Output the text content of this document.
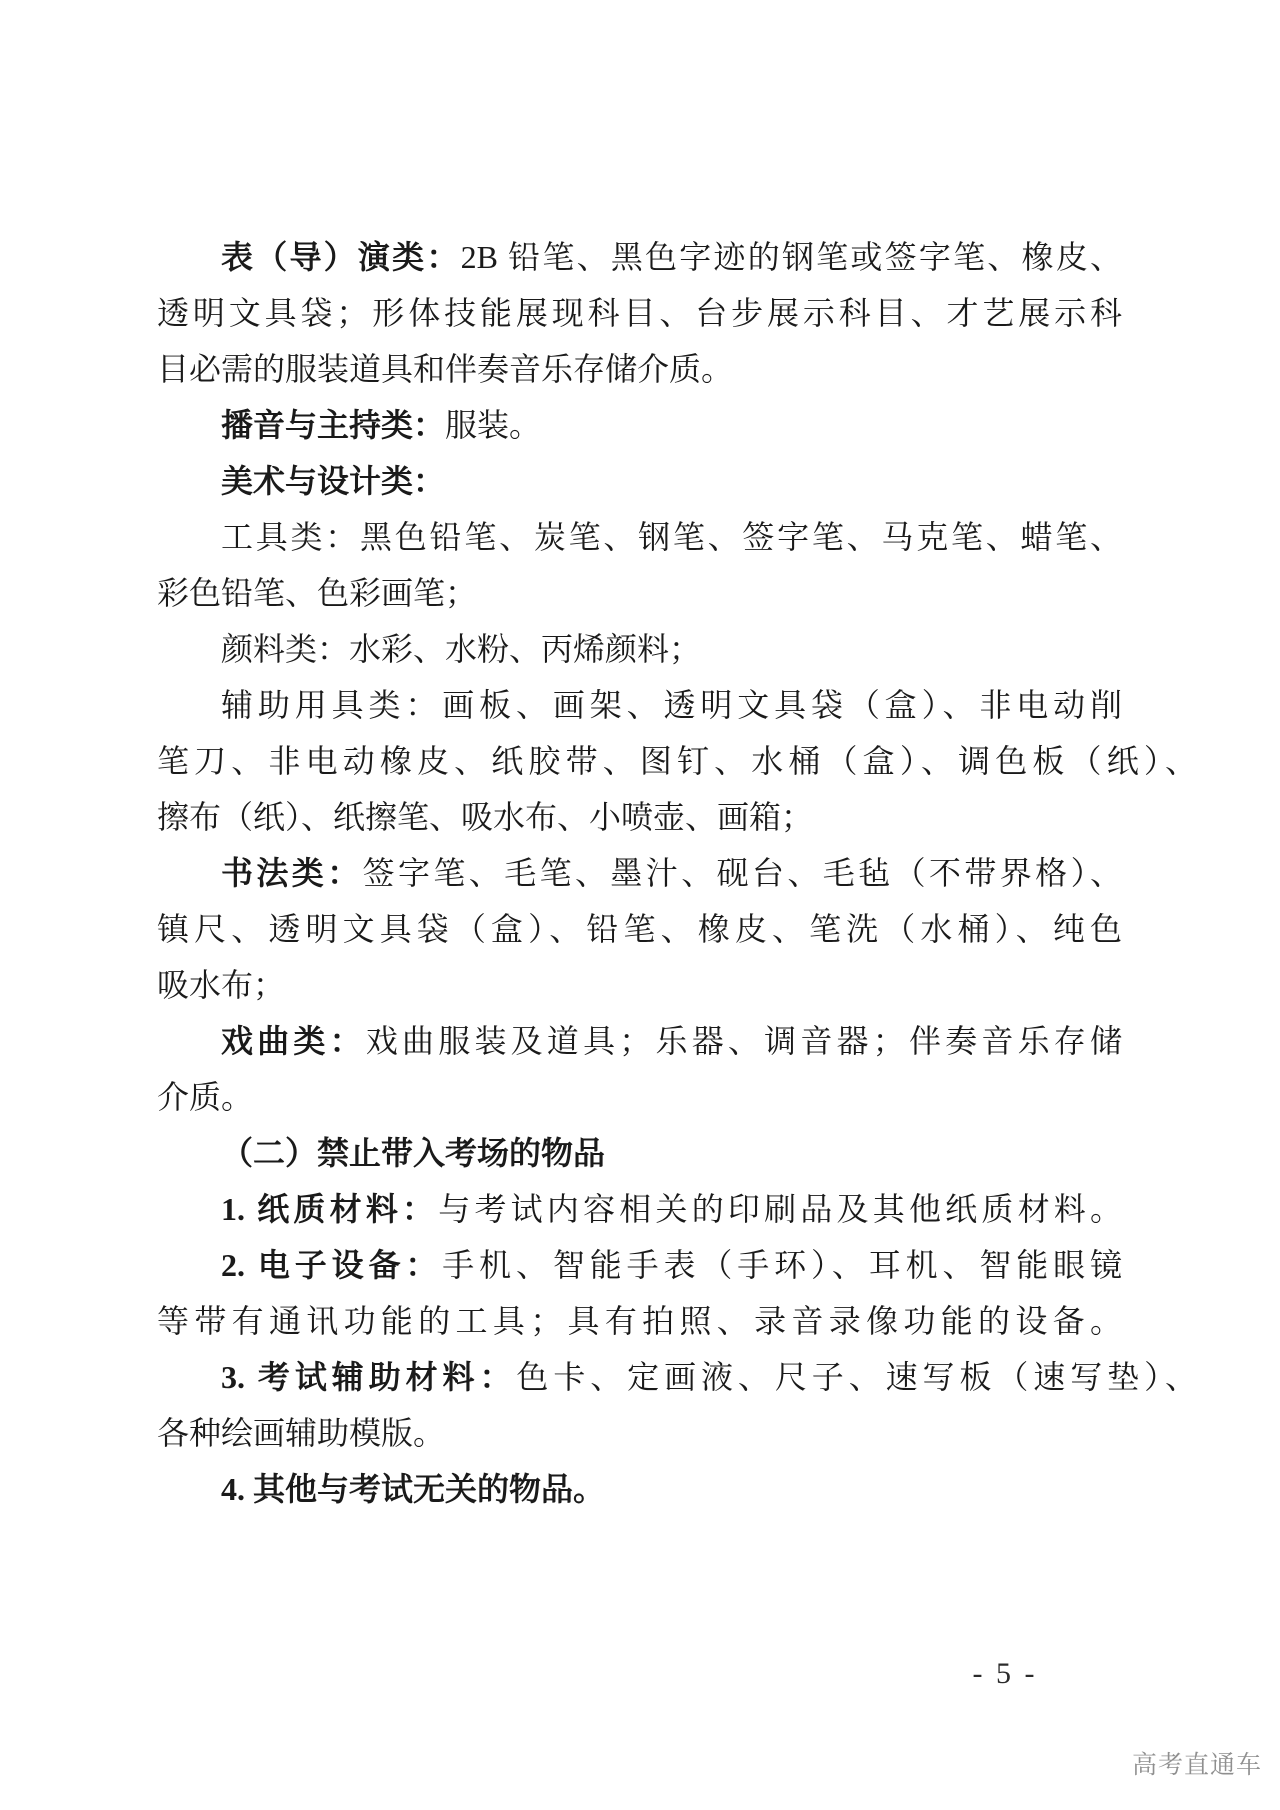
表（导）演类：2B 铅笔、黑色字迹的钢笔或签字笔、橡皮、
透明文具袋；形体技能展现科目、台步展示科目、才艺展示科
目必需的服装道具和伴奏音乐存储介质。
播音与主持类：服装。
美术与设计类：
工具类：黑色铅笔、炭笔、钢笔、签字笔、马克笔、蜡笔、
彩色铅笔、色彩画笔；
颜料类：水彩、水粉、丙烯颜料；
辅助用具类：画板、画架、透明文具袋（盒）、非电动削
笔刀、非电动橡皮、纸胶带、图钉、水桶（盒）、调色板（纸）、
擦布（纸）、纸擦笔、吸水布、小喷壶、画箱；
书法类：签字笔、毛笔、墨汁、砚台、毛毡（不带界格）、
镇尺、透明文具袋（盒）、铅笔、橡皮、笔洗（水桶）、纯色
吸水布；
戏曲类：戏曲服装及道具；乐器、调音器；伴奏音乐存储
介质。
（二）禁止带入考场的物品
1. 纸质材料：与考试内容相关的印刷品及其他纸质材料。
2. 电子设备：手机、智能手表（手环）、耳机、智能眼镜
等带有通讯功能的工具；具有拍照、录音录像功能的设备。
3. 考试辅助材料：色卡、定画液、尺子、速写板（速写垫）、
各种绘画辅助模版。
4. 其他与考试无关的物品。
- 5 -
高考直通车
